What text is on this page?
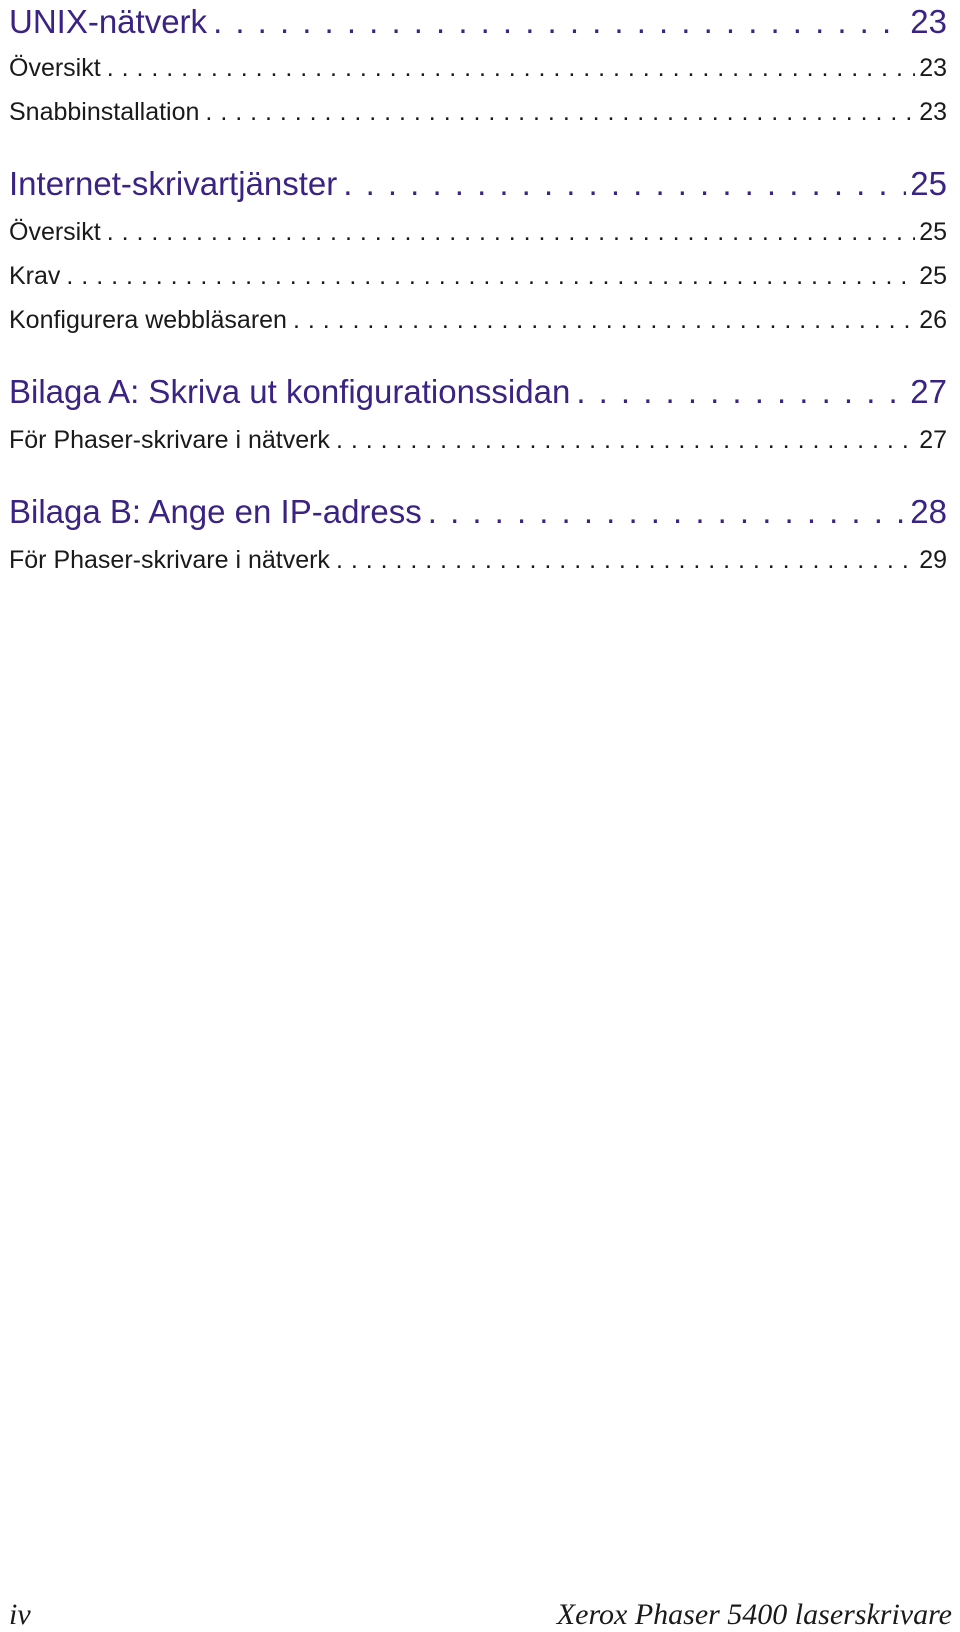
UNIX-nätverk . . .	23
Översikt . . .	23
Snabbinstallation . . .	23
Internet-skrivartjänster . . .	25
Översikt . . .	25
Krav . . .	25
Konfigurera webbläsaren . . .	26
Bilaga A: Skriva ut konfigurationssidan . . .	27
För Phaser-skrivare i nätverk . . .	27
Bilaga B: Ange en IP-adress . . .	28
För Phaser-skrivare i nätverk . . .	29
iv	Xerox Phaser 5400 laserskrivare
